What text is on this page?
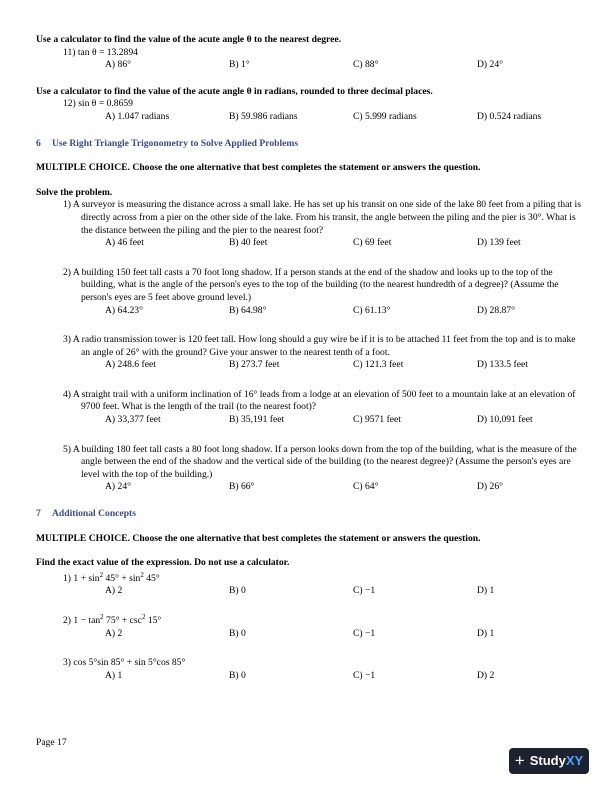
Use a calculator to find the value of the acute angle θ to the nearest degree.

11) tan θ = 13.2894
A) 86°	B) 1°	C) 88°	D) 24°

Use a calculator to find the value of the acute angle θ in radians, rounded to three decimal places.

12) sin θ = 0.8659
A) 1.047 radians	B) 59.986 radians	C) 5.999 radians	D) 0.524 radians

6 Use Right Triangle Trigonometry to Solve Applied Problems

MULTIPLE CHOICE. Choose the one alternative that best completes the statement or answers the question.

Solve the problem.

1) A surveyor is measuring the distance across a small lake. He has set up his transit on one side of the lake 80 feet from a piling that is directly across from a pier on the other side of the lake. From his transit, the angle between the piling and the pier is 30°. What is the distance between the piling and the pier to the nearest foot?
A) 46 feet	B) 40 feet	C) 69 feet	D) 139 feet
2) A building 150 feet tall casts a 70 foot long shadow. If a person stands at the end of the shadow and looks up to the top of the building, what is the angle of the person's eyes to the top of the building (to the nearest hundredth of a degree)? (Assume the person's eyes are 5 feet above ground level.)
A) 64.23°	B) 64.98°	C) 61.13°	D) 28.87°
3) A radio transmission tower is 120 feet tall. How long should a guy wire be if it is to be attached 11 feet from the top and is to make an angle of 26° with the ground? Give your answer to the nearest tenth of a foot.
A) 248.6 feet	B) 273.7 feet	C) 121.3 feet	D) 133.5 feet
4) A straight trail with a uniform inclination of 16° leads from a lodge at an elevation of 500 feet to a mountain lake at an elevation of 9700 feet. What is the length of the trail (to the nearest foot)?
A) 33,377 feet	B) 35,191 feet	C) 9571 feet	D) 10,091 feet
5) A building 180 feet tall casts a 80 foot long shadow. If a person looks down from the top of the building, what is the measure of the angle between the end of the shadow and the vertical side of the building (to the nearest degree)? (Assume the person's eyes are level with the top of the building.)
A) 24°	B) 66°	C) 64°	D) 26°

7 Additional Concepts

MULTIPLE CHOICE. Choose the one alternative that best completes the statement or answers the question.

Find the exact value of the expression. Do not use a calculator.

1) $1 + \sin^2 45^\circ + \sin^2 45^\circ$
A) 2	B) 0	C) −1	D) 1
2) $1 - \tan^2 75^\circ + \csc^2 15^\circ$
A) 2	B) 0	C) −1	D) 1
3) cos 5°sin 85° + sin 5°cos 85°
A) 1	B) 0	C) −1	D) 2
Page 17
+ Study XY
